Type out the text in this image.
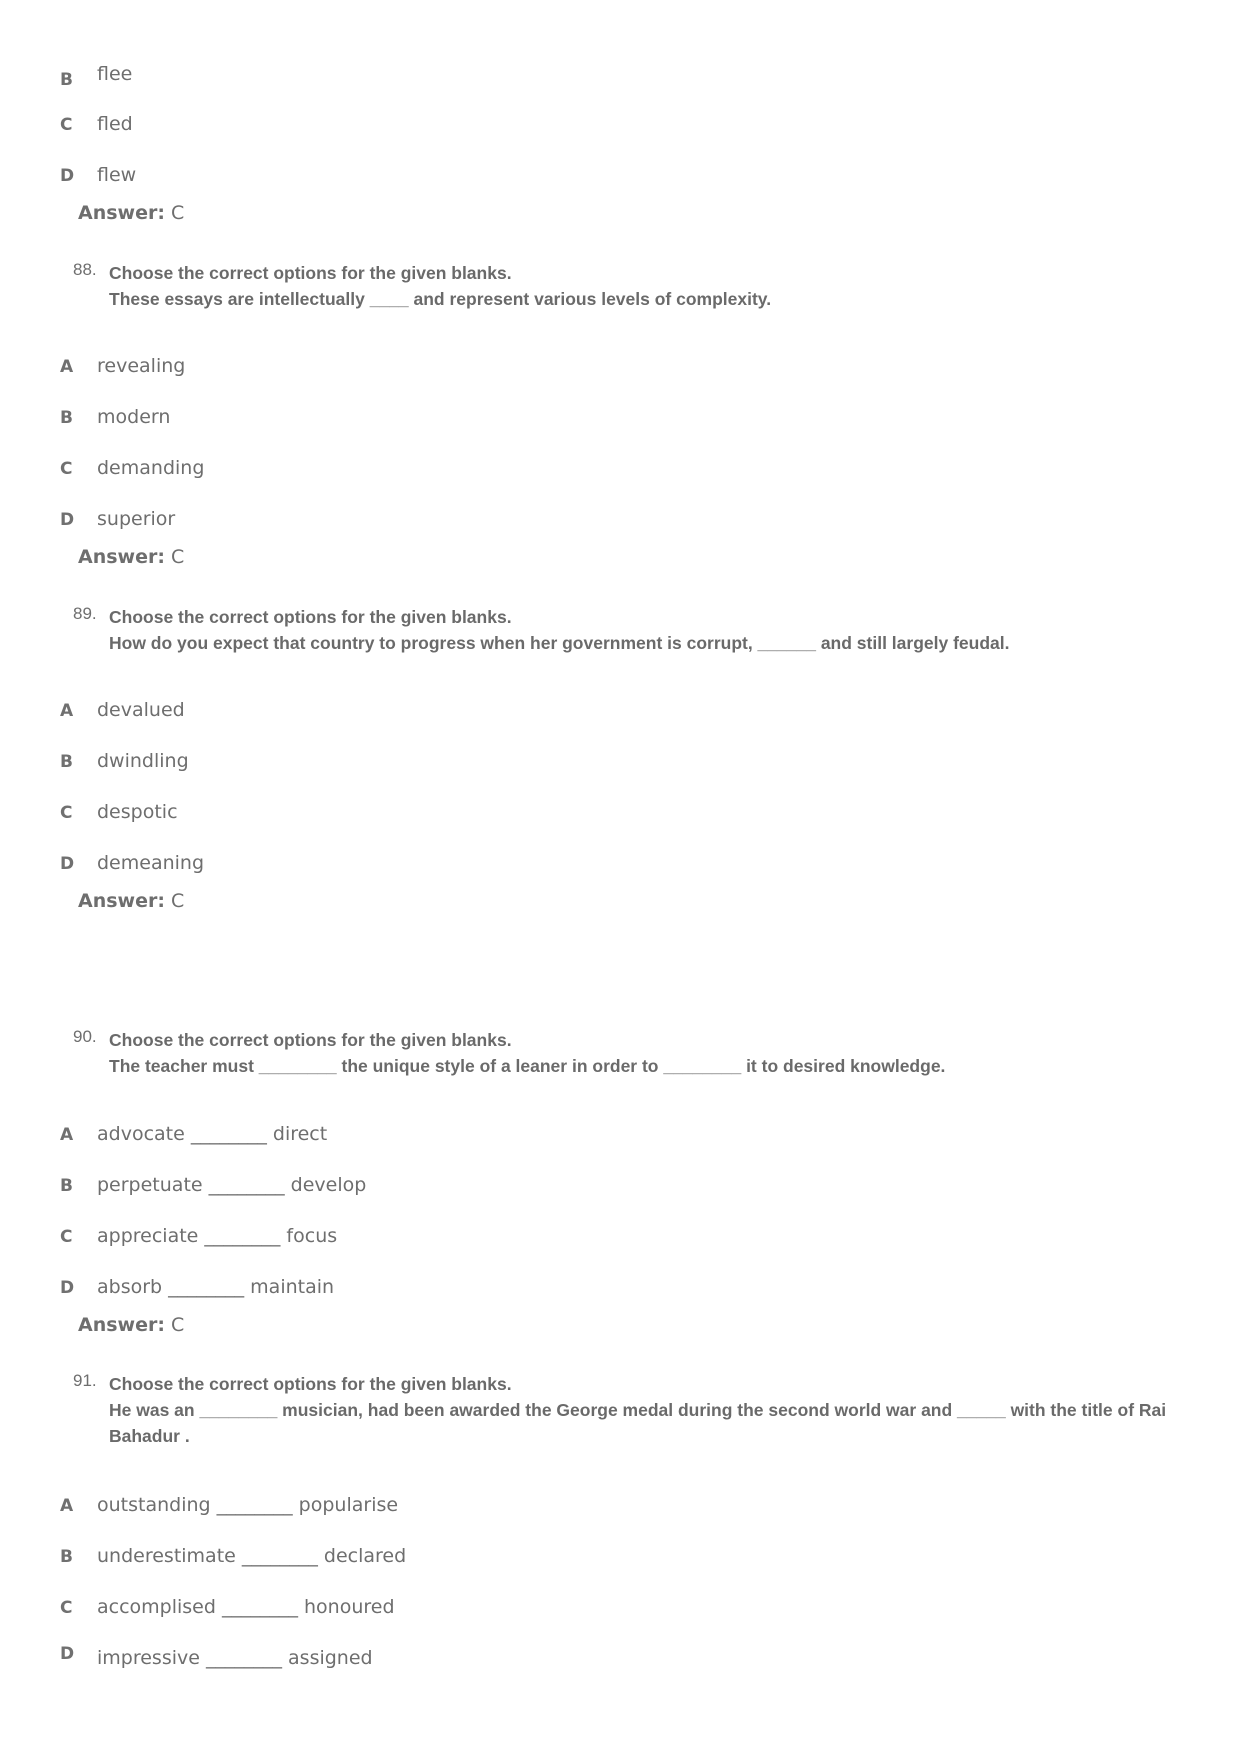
B flee
C fled
D flew
Answer: C
88. Choose the correct options for the given blanks.
These essays are intellectually ____ and represent various levels of complexity.
A revealing
B modern
C demanding
D superior
Answer: C
89. Choose the correct options for the given blanks.
How do you expect that country to progress when her government is corrupt, ______ and still largely feudal.
A devalued
B dwindling
C despotic
D demeaning
Answer: C
90. Choose the correct options for the given blanks.
The teacher must ________ the unique style of a leaner in order to ________ it to desired knowledge.
A advocate ________ direct
B perpetuate ________ develop
C appreciate ________ focus
D absorb ________ maintain
Answer: C
91. Choose the correct options for the given blanks.
He was an ________ musician, had been awarded the George medal during the second world war and _____ with the title of Rai Bahadur .
A outstanding ________ popularise
B underestimate ________ declared
C accomplised ________ honoured
D impressive ________ assigned
